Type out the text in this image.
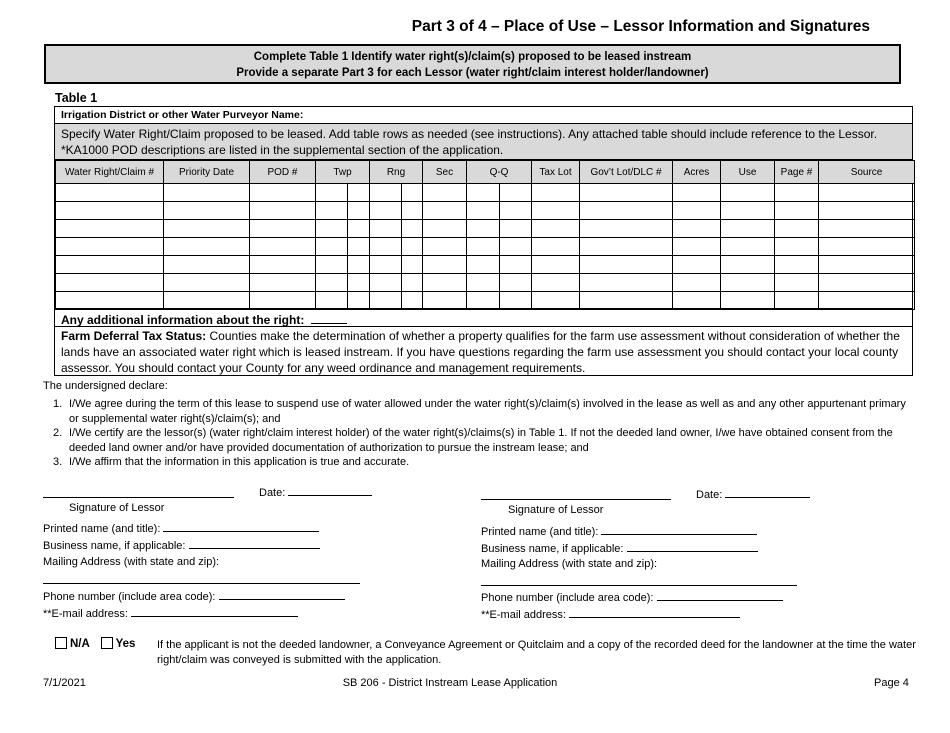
Part 3 of 4 – Place of Use – Lessor Information and Signatures
Complete Table 1 Identify water right(s)/claim(s) proposed to be leased instream
Provide a separate Part 3 for each Lessor (water right/claim interest holder/landowner)
Table 1
Irrigation District or other Water Purveyor Name:
Specify Water Right/Claim proposed to be leased. Add table rows as needed (see instructions). Any attached table should include reference to the Lessor.
*KA1000 POD descriptions are listed in the supplemental section of the application.
Water Right/Claim #	Priority Date	POD #	Twp		Rng		Sec	Q-Q		Tax Lot	Gov’t Lot/DLC #	Acres	Use	Page #	Source

Any additional information about the right:
Farm Deferral Tax Status: Counties make the determination of whether a property qualifies for the farm use assessment without consideration of whether the lands have an associated water right which is leased instream. If you have questions regarding the farm use assessment you should contact your local county assessor. You should contact your County for any weed ordinance and management requirements.
The undersigned declare:
1. I/We agree during the term of this lease to suspend use of water allowed under the water right(s)/claim(s) involved in the lease as well as and any other appurtenant primary or supplemental water right(s)/claim(s); and
2. I/We certify are the lessor(s) (water right/claim interest holder) of the water right(s)/claims(s) in Table 1. If not the deeded land owner, I/we have obtained consent from the deeded land owner and/or have provided documentation of authorization to pursue the instream lease; and
3. I/We affirm that the information in this application is true and accurate.
Date:
Signature of Lessor
Printed name (and title):
Business name, if applicable:
Mailing Address (with state and zip):
Phone number (include area code):
**E-mail address:
Date:
Signature of Lessor
Printed name (and title):
Business name, if applicable:
Mailing Address (with state and zip):
Phone number (include area code):
**E-mail address:
N/A Yes If the applicant is not the deeded landowner, a Conveyance Agreement or Quitclaim and a copy of the recorded deed for the landowner at the time the water right/claim was conveyed is submitted with the application.
7/1/2021	SB 206 - District Instream Lease Application	Page 4
